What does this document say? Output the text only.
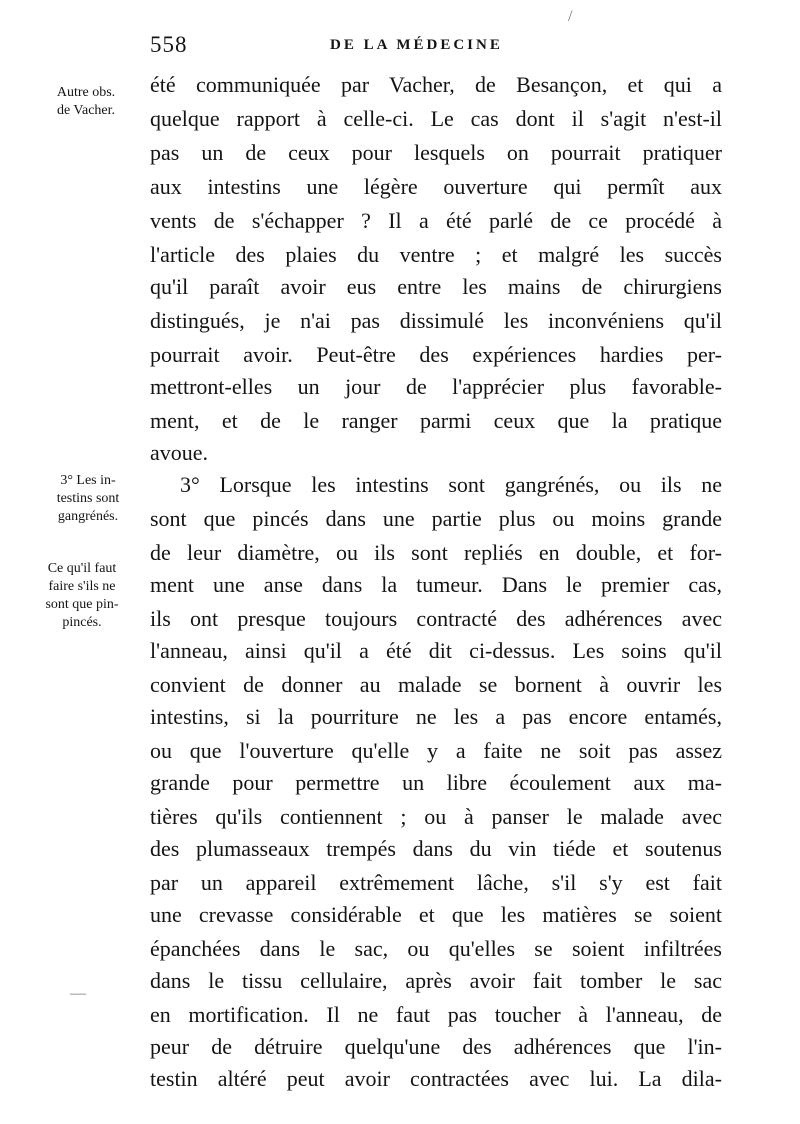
558	DE LA MÉDECINE
Autre obs.
de Vacher.
3° Les in-
testins sont
gangrénés.
Ce qu'il faut
faire s'ils ne
sont que pin-
pincés.
été communiquée par Vacher, de Besançon, et qui a
quelque rapport à celle-ci. Le cas dont il s'agit n'est-il
pas un de ceux pour lesquels on pourrait pratiquer
aux intestins une légère ouverture qui permît aux
vents de s'échapper ? Il a été parlé de ce procédé à
l'article des plaies du ventre ; et malgré les succès
qu'il paraît avoir eus entre les mains de chirurgiens
distingués, je n'ai pas dissimulé les inconvéniens qu'il
pourrait avoir. Peut-être des expériences hardies per-
mettront-elles un jour de l'apprécier plus favorable-
ment, et de le ranger parmi ceux que la pratique
avoue.
3° Lorsque les intestins sont gangrénés, ou ils ne
sont que pincés dans une partie plus ou moins grande
de leur diamètre, ou ils sont repliés en double, et for-
ment une anse dans la tumeur. Dans le premier cas,
ils ont presque toujours contracté des adhérences avec
l'anneau, ainsi qu'il a été dit ci-dessus. Les soins qu'il
convient de donner au malade se bornent à ouvrir les
intestins, si la pourriture ne les a pas encore entamés,
ou que l'ouverture qu'elle y a faite ne soit pas assez
grande pour permettre un libre écoulement aux ma-
tières qu'ils contiennent ; ou à panser le malade avec
des plumasseaux trempés dans du vin tiéde et soutenus
par un appareil extrêmement lâche, s'il s'y est fait
une crevasse considérable et que les matières se soient
épanchées dans le sac, ou qu'elles se soient infiltrées
dans le tissu cellulaire, après avoir fait tomber le sac
en mortification. Il ne faut pas toucher à l'anneau, de
peur de détruire quelqu'une des adhérences que l'in-
testin altéré peut avoir contractées avec lui. La dila-
/
—
